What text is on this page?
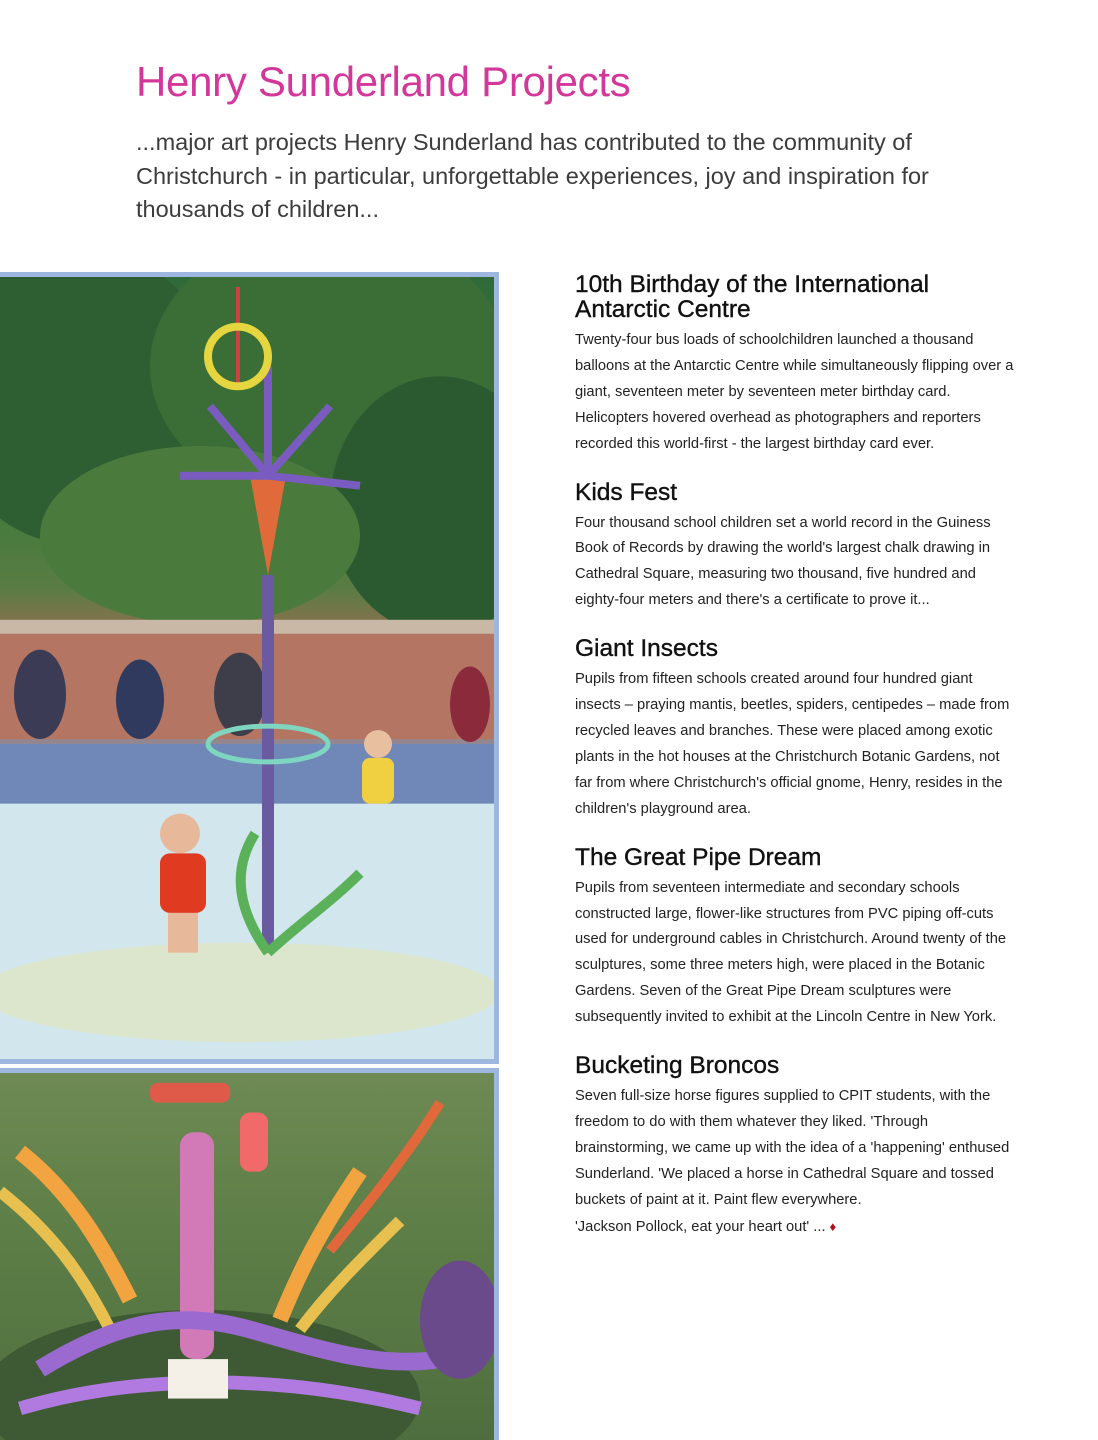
Henry Sunderland Projects

...major art projects Henry Sunderland has contributed to the community of Christchurch - in particular, unforgettable experiences, joy and inspiration for thousands of children...

10th Birthday of the International Antarctic Centre

Twenty-four bus loads of schoolchildren launched a thousand balloons at the Antarctic Centre while simultaneously flipping over a giant, seventeen meter by seventeen meter birthday card. Helicopters hovered overhead as photographers and reporters recorded this world-first - the largest birthday card ever.

Kids Fest

Four thousand school children set a world record in the Guiness Book of Records by drawing the world's largest chalk drawing in Cathedral Square, measuring two thousand, five hundred and eighty-four meters and there's a certificate to prove it...

Giant Insects

Pupils from fifteen schools created around four hundred giant insects – praying mantis, beetles, spiders, centipedes – made from recycled leaves and branches. These were placed among exotic plants in the hot houses at the Christchurch Botanic Gardens, not far from where Christchurch's official gnome, Henry, resides in the children's playground area.

The Great Pipe Dream

Pupils from seventeen intermediate and secondary schools constructed large, flower-like structures from PVC piping off-cuts used for underground cables in Christchurch. Around twenty of the sculptures, some three meters high, were placed in the Botanic Gardens. Seven of the Great Pipe Dream sculptures were subsequently invited to exhibit at the Lincoln Centre in New York.

Bucketing Broncos

Seven full-size horse figures supplied to CPIT students, with the freedom to do with them whatever they liked. 'Through brainstorming, we came up with the idea of a 'happening' enthused Sunderland. 'We placed a horse in Cathedral Square and tossed buckets of paint at it. Paint flew everywhere.

'Jackson Pollock, eat your heart out' ... ♦
